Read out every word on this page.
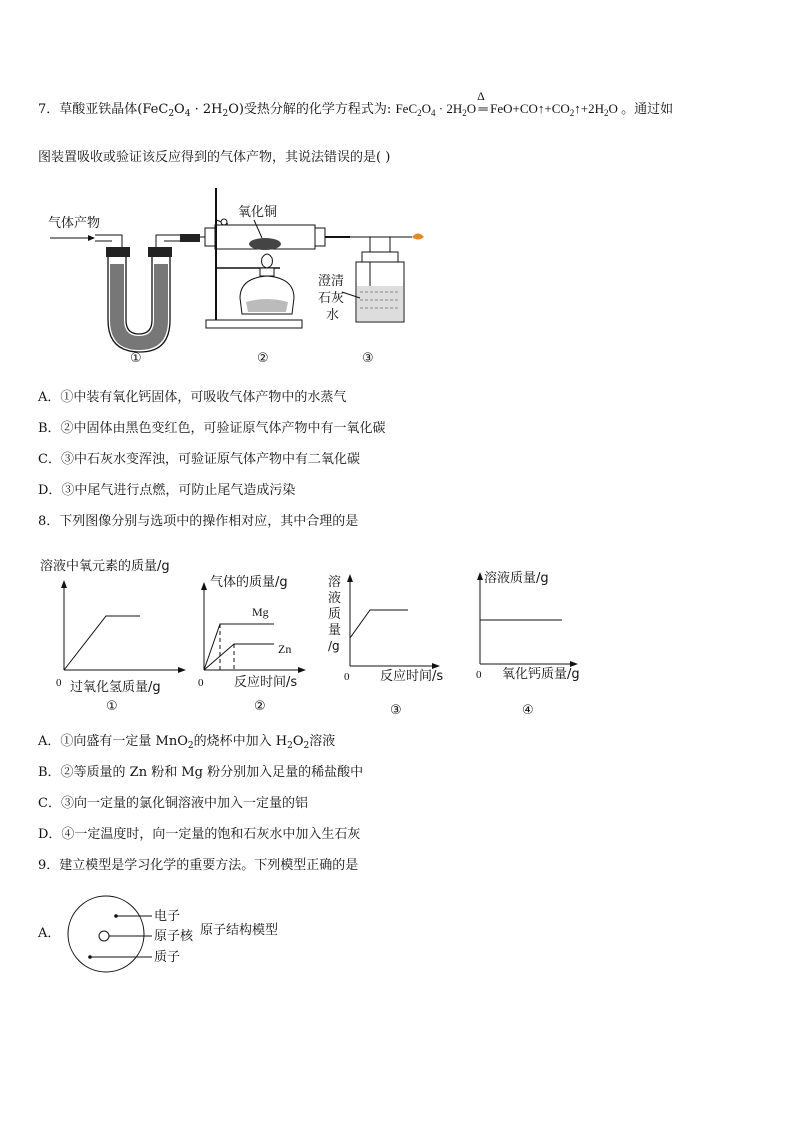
7．草酸亚铁晶体$(FeC_2O_4 \cdot 2H_2O)$受热分解的化学方程式为: $FeC_2O_4 \cdot 2H_2O$
Δ
═ $FeO+CO↑+CO_2↑+2H_2O$ 。通过如
图装置吸收或验证该反应得到的气体产物，其说法错误的是( )
气体产物
氧化铜
澄清
石灰
水
①	②	③
A．①中装有氧化钙固体，可吸收气体产物中的水蒸气
B．②中固体由黑色变红色，可验证原气体产物中有一氧化碳
C．③中石灰水变浑浊，可验证原气体产物中有二氧化碳
D．③中尾气进行点燃，可防止尾气造成污染
8．下列图像分别与选项中的操作相对应，其中合理的是
溶液中氧元素的质量/g
0 过氧化氢质量/g
①
气体的质量/g
Mg
Zn
0 反应时间/s
②
溶
液
质
量
/g
0 反应时间/s
③
溶液质量/g
0 氧化钙质量/g
④
A．①向盛有一定量 MnO$_2$的烧杯中加入 $H_2O_2$溶液
B．②等质量的 Zn 粉和 Mg 粉分别加入足量的稀盐酸中
C．③向一定量的氯化铜溶液中加入一定量的铝
D．④一定温度时，向一定量的饱和石灰水中加入生石灰
9．建立模型是学习化学的重要方法。下列模型正确的是
A．
电子
原子核
质子
原子结构模型
